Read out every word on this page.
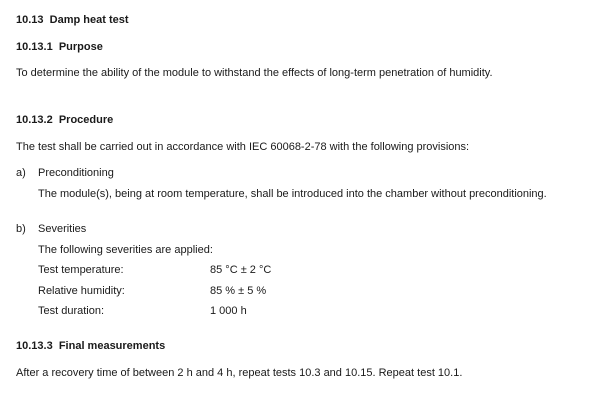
10.13 Damp heat test
10.13.1 Purpose
To determine the ability of the module to withstand the effects of long-term penetration of humidity.
10.13.2 Procedure
The test shall be carried out in accordance with IEC 60068-2-78 with the following provisions:
a) Preconditioning
The module(s), being at room temperature, shall be introduced into the chamber without preconditioning.
b) Severities
The following severities are applied:
Test temperature:	85 °C ± 2 °C
Relative humidity:	85 % ± 5 %
Test duration:	1 000 h
10.13.3 Final measurements
After a recovery time of between 2 h and 4 h, repeat tests 10.3 and 10.15. Repeat test 10.1.
